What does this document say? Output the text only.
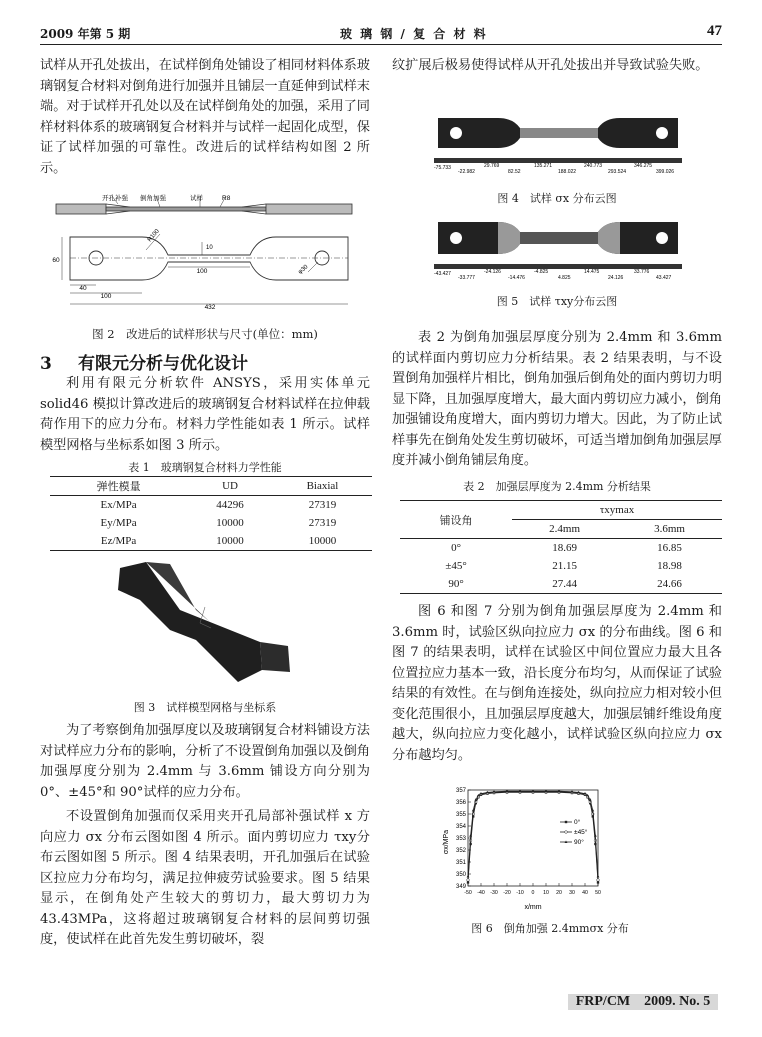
2009 年第 5 期	玻 璃 钢 / 复 合 材 料	47

试样从开孔处拔出，在试样倒角处铺设了相同材料体系玻璃钢复合材料对倒角进行加强并且铺层一直延伸到试样末端。对于试样开孔处以及在试样倒角处的加强，采用了同样材料体系的玻璃钢复合材料并与试样一起固化成型，保证了试样加强的可靠性。改进后的试样结构如图 2 所示。

开孔补强 倒角加强	试样	R8
100
40
100
432
60
10
R100
φ30

图 2　改进后的试样形状与尺寸(单位：mm)

3 有限元分析与优化设计

利用有限元分析软件 ANSYS，采用实体单元 solid46 模拟计算改进后的玻璃钢复合材料试样在拉伸载荷作用下的应力分布。材料力学性能如表 1 所示。试样模型网格与坐标系如图 3 所示。

表 1　玻璃钢复合材料力学性能

弹性模量	UD	Biaxial
Ex/MPa	44296	27319
Ey/MPa	10000	27319
Ez/MPa	10000	10000

图 3　试样模型网格与坐标系

为了考察倒角加强厚度以及玻璃钢复合材料铺设方法对试样应力分布的影响，分析了不设置倒角加强以及倒角加强厚度分别为 2.4mm 与 3.6mm 铺设方向分别为 0°、±45°和 90°试样的应力分布。

不设置倒角加强而仅采用夹开孔局部补强试样 x 方向应力 σx 分布云图如图 4 所示。面内剪切应力 τxy分布云图如图 5 所示。图 4 结果表明，开孔加强后在试验区拉应力分布均匀，满足拉伸疲劳试验要求。图 5 结果显示，在倒角处产生较大的剪切力，最大剪切力为 43.43MPa，这将超过玻璃钢复合材料的层间剪切强度，使试样在此首先发生剪切破坏，裂

纹扩展后极易使得试样从开孔处拔出并导致试验失败。

-75.733	29.769	135.271	240.773	346.275
-22.982	82.52	188.022	293.524	399.026

图 4　试样 σx 分布云图

-43.427	-24.126	-4.825	14.475	33.776
-33.777	-14.476	4.825	24.126	43.427

图 5　试样 τxy分布云图

表 2 为倒角加强层厚度分别为 2.4mm 和 3.6mm 的试样面内剪切应力分析结果。表 2 结果表明，与不设置倒角加强样片相比，倒角加强后倒角处的面内剪切力明显下降，且加强厚度增大，最大面内剪切应力减小，倒角加强铺设角度增大，面内剪切力增大。因此，为了防止试样事先在倒角处发生剪切破坏，可适当增加倒角加强层厚度并减小倒角铺层角度。

表 2　加强层厚度为 2.4mm 分析结果

铺设角	τxymax	
	2.4mm	3.6mm
0°	18.69	16.85
±45°	21.15	18.98
90°	27.44	24.66

图 6 和图 7 分别为倒角加强层厚度为 2.4mm 和 3.6mm 时，试验区纵向拉应力 σx 的分布曲线。图 6 和图 7 的结果表明，试样在试验区中间位置应力最大且各位置拉应力基本一致，沿长度分布均匀，从而保证了试验结果的有效性。在与倒角连接处，纵向拉应力相对较小但变化范围很小，且加强层厚度越大，加强层铺纤维设角度越大，纵向拉应力变化越小，试样试验区纵向拉应力 σx 分布越均匀。

349
350
351
352
353
354
355
356
357
-50 -40 -30 -20 -10 0 10 20 30 40 50
0°
±45°
90°
σx/MPa
x/mm

图 6　倒角加强 2.4mmσx 分布

FRP/CM　2009. No. 5
